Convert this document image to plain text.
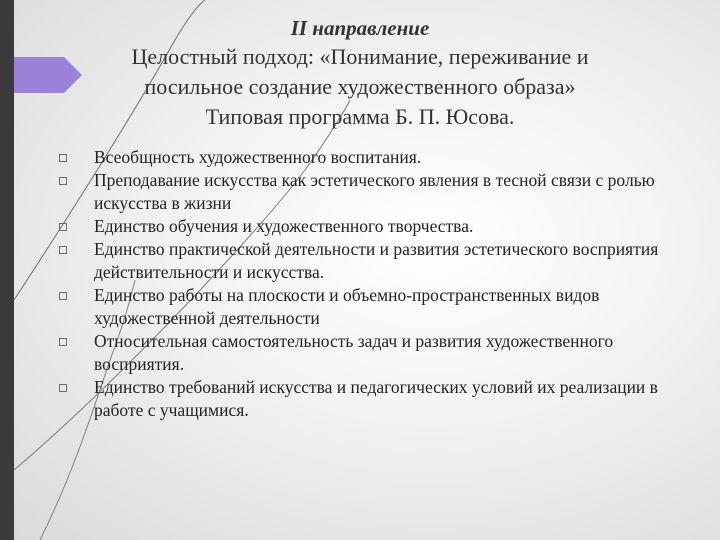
II направление
Целостный подход: «Понимание, переживание и
посильное создание художественного образа»
Типовая программа Б. П. Юсова.
Всеобщность художественного воспитания.
Преподавание искусства как эстетического явления в тесной связи с ролью искусства в жизни
Единство обучения и художественного творчества.
Единство практической деятельности и развития эстетического восприятия действительности и искусства.
Единство работы на плоскости и объемно-пространственных видов художественной деятельности
Относительная самостоятельность задач и развития художественного восприятия.
Единство требований искусства и педагогических условий их реализации в работе с учащимися.
